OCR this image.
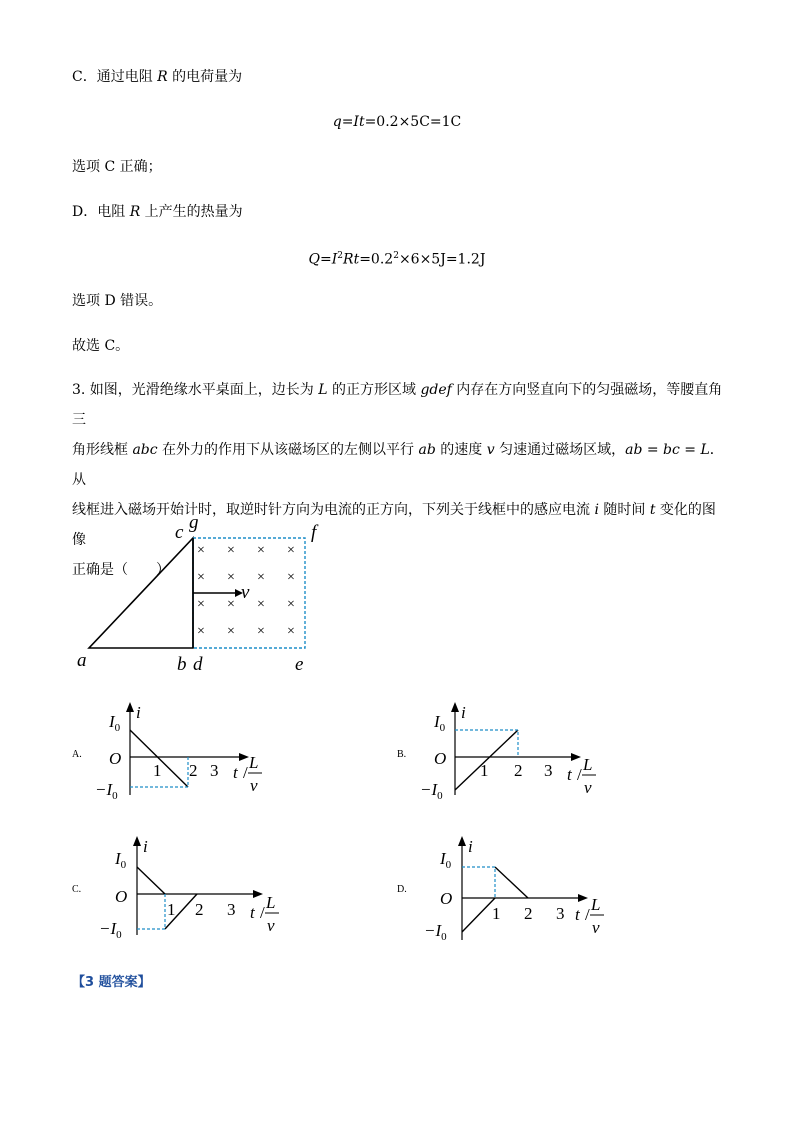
C．通过电阻 R 的电荷量为
q=It=0.2×5C=1C
选项 C 正确；
D．电阻 R 上产生的热量为
$Q=I^2Rt=0.2^2\times 6\times 5J=1.2J$
选项 D 错误。
故选 C。
3. 如图，光滑绝缘水平桌面上，边长为 L 的正方形区域 gdef 内存在方向竖直向下的匀强磁场，等腰直角三
角形线框 abc 在外力的作用下从该磁场区的左侧以平行 ab 的速度 v 匀速通过磁场区域，ab = bc = L．从
线框进入磁场开始计时，取逆时针方向为电流的正方向，下列关于线框中的感应电流 i 随时间 t 变化的图像
正确是（　　）
× × × ×
× × × ×
× × × ×
× × × ×
c g	f
a	b d	e
v
A.
$I_0$
i
O
$-I_0$
1 2 3 t /
L
v
B.
$I_0$
i
O
$-I_0$
1 2 3 t /
L
v
C.
$I_0$
i
O
$-I_0$
1 2 3 t /
L
v
D.
$I_0$
i
O
$-I_0$
1 2 3 t /
L
v
【3 题答案】
